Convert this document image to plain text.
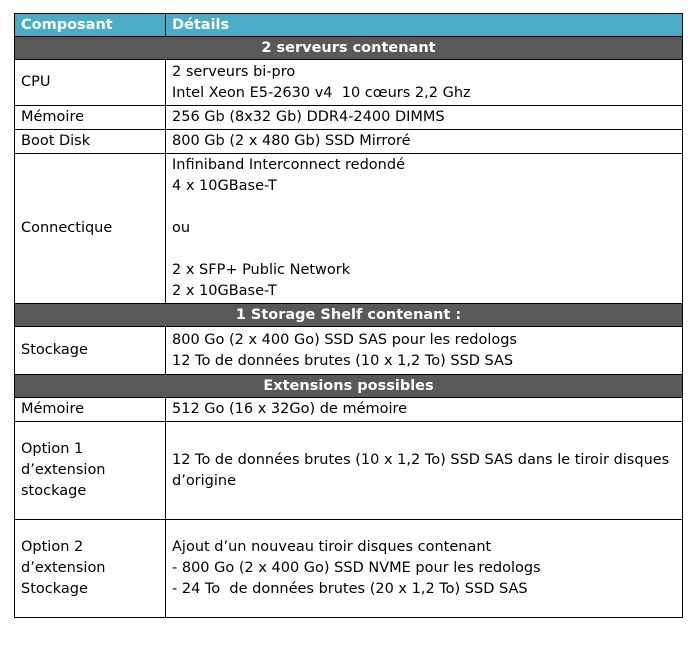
Composant	Détails
2 serveurs contenant	

CPU	2 serveurs bi-pro
Intel Xeon E5-2630 v4  10 cœurs 2,2 Ghz

Mémoire	256 Gb (8x32 Gb) DDR4-2400 DIMMS

Boot Disk	800 Gb (2 x 480 Gb) SSD Mirroré

Connectique	Infiniband Interconnect redondé
4 x 10GBase-T

ou

2 x SFP+ Public Network
2 x 10GBase-T

1 Storage Shelf contenant :	

Stockage	800 Go (2 x 400 Go) SSD SAS pour les redologs
12 To de données brutes (10 x 1,2 To) SSD SAS

Extensions possibles	

Mémoire	512 Go (16 x 32Go) de mémoire

Option 1
d’extension
stockage	12 To de données brutes (10 x 1,2 To) SSD SAS dans le tiroir disques
d’origine

Option 2
d’extension
Stockage	Ajout d’un nouveau tiroir disques contenant
- 800 Go (2 x 400 Go) SSD NVME pour les redologs
- 24 To  de données brutes (20 x 1,2 To) SSD SAS
